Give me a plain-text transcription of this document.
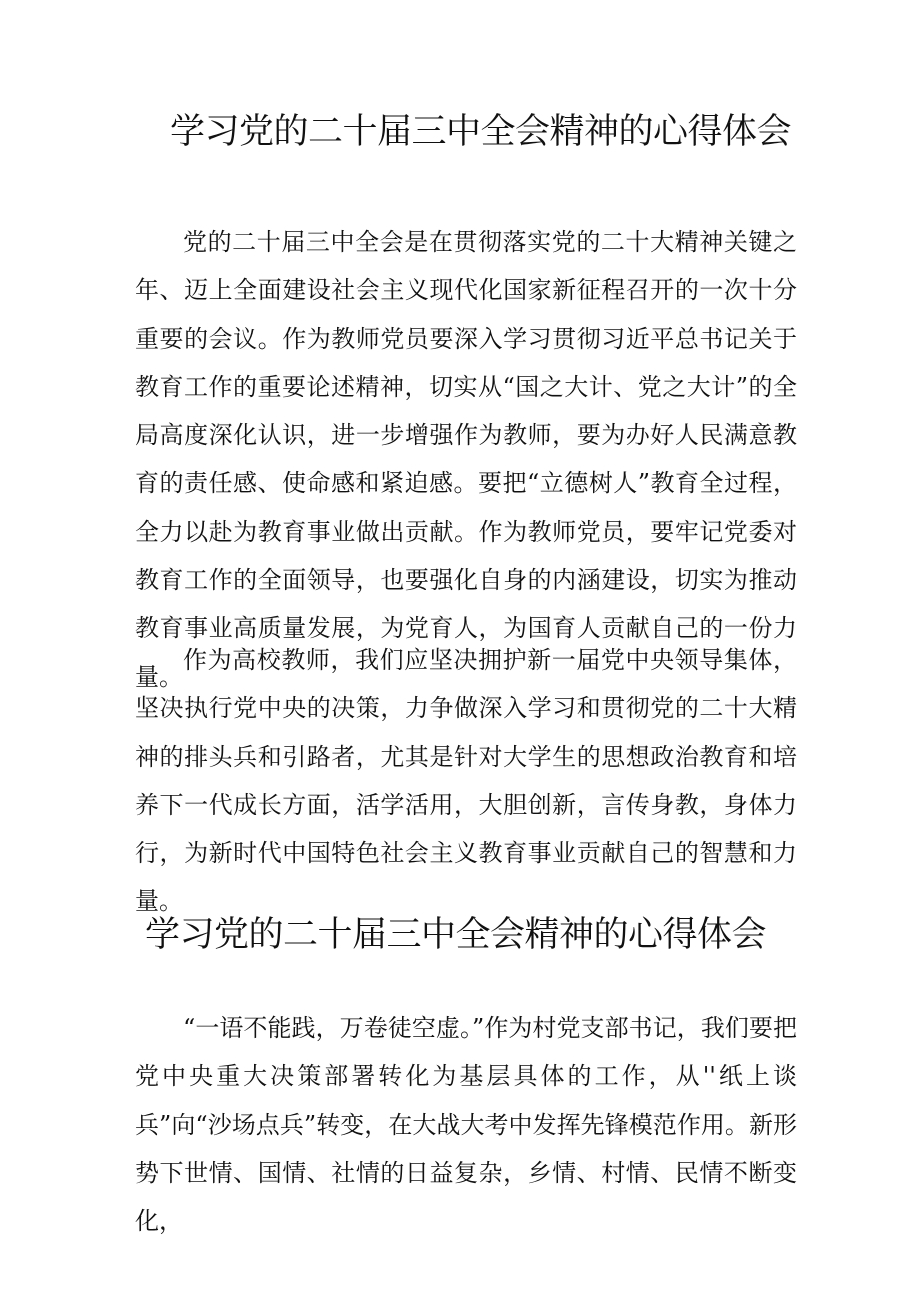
学习党的二十届三中全会精神的心得体会

党的二十届三中全会是在贯彻落实党的二十大精神关键之年、迈上全面建设社会主义现代化国家新征程召开的一次十分重要的会议。作为教师党员要深入学习贯彻习近平总书记关于教育工作的重要论述精神，切实从“国之大计、党之大计”的全局高度深化认识，进一步增强作为教师，要为办好人民满意教育的责任感、使命感和紧迫感。要把“立德树人”教育全过程，全力以赴为教育事业做出贡献。作为教师党员，要牢记党委对教育工作的全面领导，也要强化自身的内涵建设，切实为推动教育事业高质量发展，为党育人，为国育人贡献自己的一份力量。

作为高校教师，我们应坚决拥护新一届党中央领导集体，坚决执行党中央的决策，力争做深入学习和贯彻党的二十大精神的排头兵和引路者，尤其是针对大学生的思想政治教育和培养下一代成长方面，活学活用，大胆创新，言传身教，身体力行，为新时代中国特色社会主义教育事业贡献自己的智慧和力量。

学习党的二十届三中全会精神的心得体会

“一语不能践，万卷徒空虚。”作为村党支部书记，我们要把党中央重大决策部署转化为基层具体的工作，从''纸上谈兵”向“沙场点兵”转变，在大战大考中发挥先锋模范作用。新形势下世情、国情、社情的日益复杂，乡情、村情、民情不断变化，
